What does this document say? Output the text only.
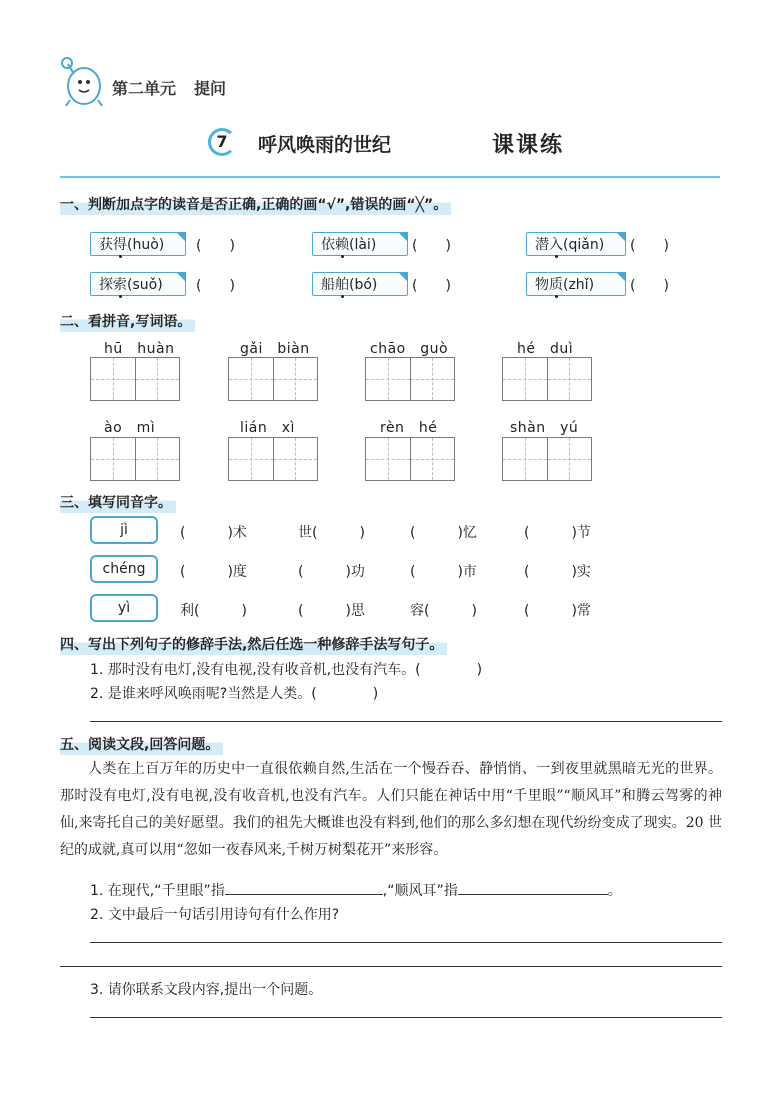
第二单元 提问
7	呼风唤雨的世纪	课课练
一、判断加点字的读音是否正确,正确的画“√”,错误的画“╳”。
获得(huò)	(　　)	依赖(lài)	(　　)	潜入(qiǎn)	(　　)
探索(suǒ)	(　　)	船舶(bó)	(　　)	物质(zhǐ)	(　　)
二、看拼音,写词语。
hū　huàn	gǎi　biàn	chāo　guò	hé　duì
ào　mì	lián　xì	rèn　hé	shàn　yú
三、填写同音字。
jì	(　　　)术	世(　　　)	(　　　)忆	(　　　)节
chéng	(　　　)度	(　　　)功	(　　　)市	(　　　)实
yì	利(　　　)	(　　　)思	容(　　　)	(　　　)常
四、写出下列句子的修辞手法,然后任选一种修辞手法写句子。
1. 那时没有电灯,没有电视,没有收音机,也没有汽车。(　　　　)
2. 是谁来呼风唤雨呢?当然是人类。(　　　　)
五、阅读文段,回答问题。
人类在上百万年的历史中一直很依赖自然,生活在一个慢吞吞、静悄悄、一到夜里就黑暗无光的世界。那时没有电灯,没有电视,没有收音机,也没有汽车。人们只能在神话中用“千里眼”“顺风耳”和腾云驾雾的神仙,来寄托自己的美好愿望。我们的祖先大概谁也没有料到,他们的那么多幻想在现代纷纷变成了现实。20 世纪的成就,真可以用“忽如一夜春风来,千树万树梨花开”来形容。
1. 在现代,“千里眼”指	,“顺风耳”指	。
2. 文中最后一句话引用诗句有什么作用?
3. 请你联系文段内容,提出一个问题。
